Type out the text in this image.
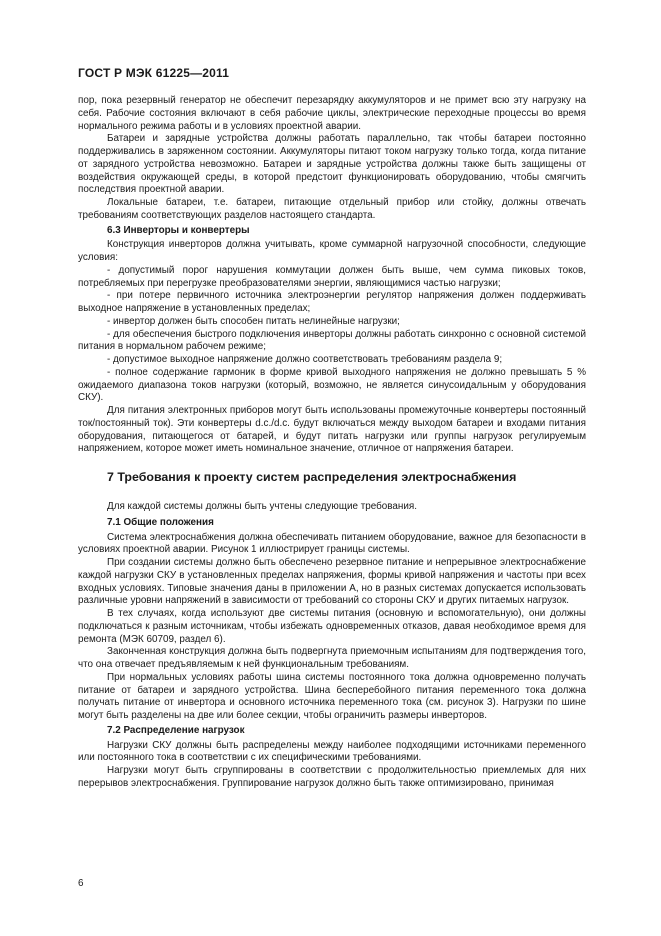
ГОСТ Р МЭК 61225—2011

пор, пока резервный генератор не обеспечит перезарядку аккумуляторов и не примет всю эту нагрузку на себя. Рабочие состояния включают в себя рабочие циклы, электрические переходные процессы во время нормального режима работы и в условиях проектной аварии.

Батареи и зарядные устройства должны работать параллельно, так чтобы батареи постоянно поддерживались в заряженном состоянии. Аккумуляторы питают током нагрузку только тогда, когда питание от зарядного устройства невозможно. Батареи и зарядные устройства должны также быть защищены от воздействия окружающей среды, в которой предстоит функционировать оборудованию, чтобы смягчить последствия проектной аварии.

Локальные батареи, т.е. батареи, питающие отдельный прибор или стойку, должны отвечать требованиям соответствующих разделов настоящего стандарта.

6.3 Инверторы и конвертеры

Конструкция инверторов должна учитывать, кроме суммарной нагрузочной способности, следующие условия:

- допустимый порог нарушения коммутации должен быть выше, чем сумма пиковых токов, потребляемых при перегрузке преобразователями энергии, являющимися частью нагрузки;

- при потере первичного источника электроэнергии регулятор напряжения должен поддерживать выходное напряжение в установленных пределах;

- инвертор должен быть способен питать нелинейные нагрузки;

- для обеспечения быстрого подключения инверторы должны работать синхронно с основной системой питания в нормальном рабочем режиме;

- допустимое выходное напряжение должно соответствовать требованиям раздела 9;

- полное содержание гармоник в форме кривой выходного напряжения не должно превышать 5 % ожидаемого диапазона токов нагрузки (который, возможно, не является синусоидальным у оборудования СКУ).

Для питания электронных приборов могут быть использованы промежуточные конвертеры постоянный ток/постоянный ток). Эти конвертеры d.c./d.c. будут включаться между выходом батареи и входами питания оборудования, питающегося от батарей, и будут питать нагрузки или группы нагрузок регулируемым напряжением, которое может иметь номинальное значение, отличное от напряжения батареи.

7 Требования к проекту систем распределения электроснабжения

Для каждой системы должны быть учтены следующие требования.

7.1 Общие положения

Система электроснабжения должна обеспечивать питанием оборудование, важное для безопасности в условиях проектной аварии. Рисунок 1 иллюстрирует границы системы.

При создании системы должно быть обеспечено резервное питание и непрерывное электроснабжение каждой нагрузки СКУ в установленных пределах напряжения, формы кривой напряжения и частоты при всех входных условиях. Типовые значения даны в приложении А, но в разных системах допускается использовать различные уровни напряжений в зависимости от требований со стороны СКУ и других питаемых нагрузок.

В тех случаях, когда используют две системы питания (основную и вспомогательную), они должны подключаться к разным источникам, чтобы избежать одновременных отказов, давая необходимое время для ремонта (МЭК 60709, раздел 6).

Законченная конструкция должна быть подвергнута приемочным испытаниям для подтверждения того, что она отвечает предъявляемым к ней функциональным требованиям.

При нормальных условиях работы шина системы постоянного тока должна одновременно получать питание от батареи и зарядного устройства. Шина бесперебойного питания переменного тока должна получать питание от инвертора и основного источника переменного тока (см. рисунок 3). Нагрузки по шине могут быть разделены на две или более секции, чтобы ограничить размеры инверторов.

7.2 Распределение нагрузок

Нагрузки СКУ должны быть распределены между наиболее подходящими источниками переменного или постоянного тока в соответствии с их специфическими требованиями.

Нагрузки могут быть сгруппированы в соответствии с продолжительностью приемлемых для них перерывов электроснабжения. Группирование нагрузок должно быть также оптимизировано, принимая

6
